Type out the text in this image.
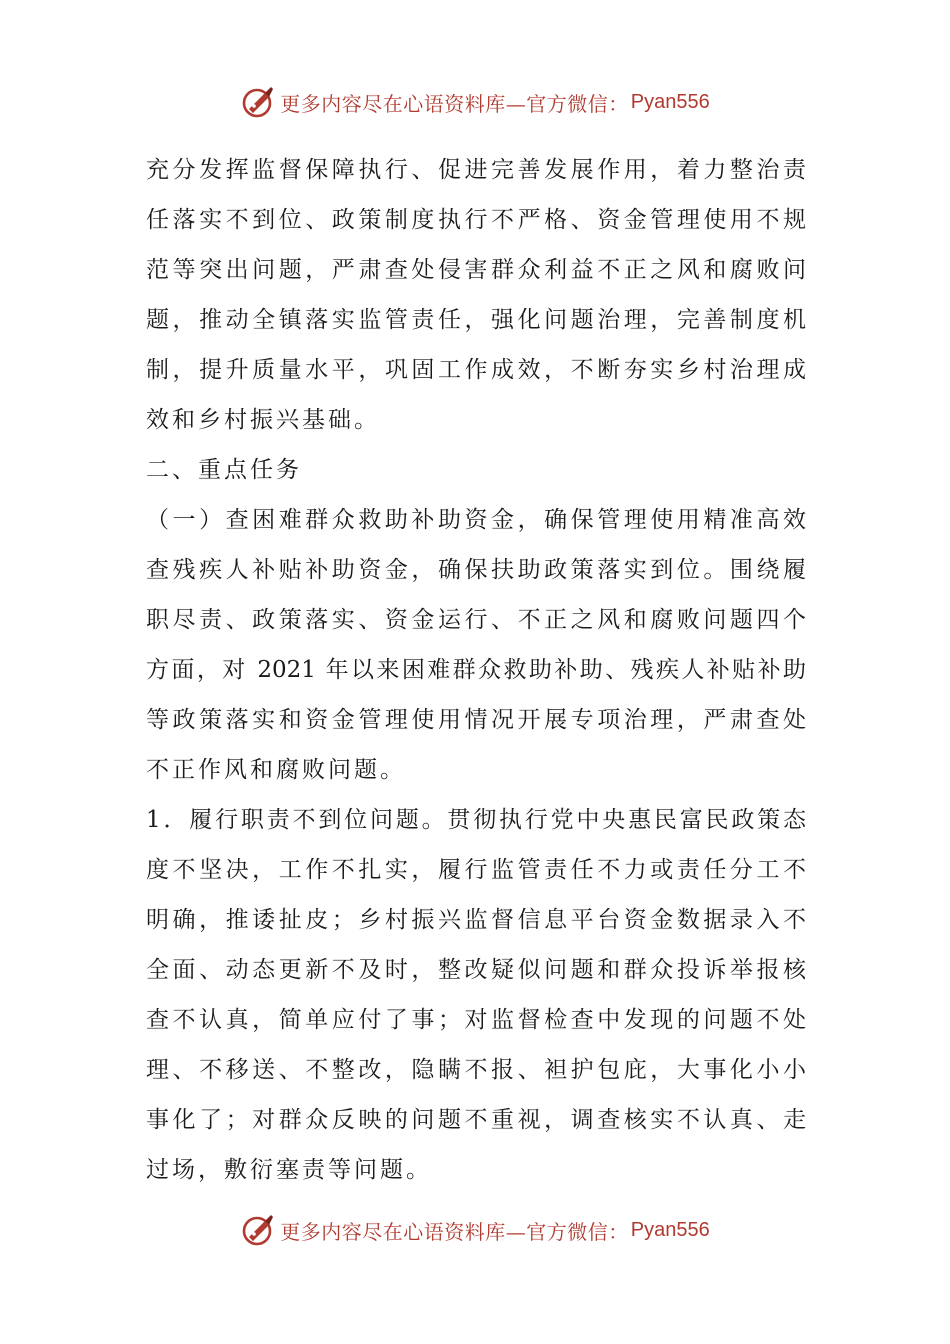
更多内容尽在心语资料库—官方微信： Pyan556
充分发挥监督保障执行、促进完善发展作用，着力整治责
任落实不到位、政策制度执行不严格、资金管理使用不规
范等突出问题，严肃查处侵害群众利益不正之风和腐败问
题，推动全镇落实监管责任，强化问题治理，完善制度机
制，提升质量水平，巩固工作成效，不断夯实乡村治理成
效和乡村振兴基础。
二、重点任务
（一）查困难群众救助补助资金，确保管理使用精准高效
查残疾人补贴补助资金，确保扶助政策落实到位。围绕履
职尽责、政策落实、资金运行、不正之风和腐败问题四个
方面，对 2021 年以来困难群众救助补助、残疾人补贴补助
等政策落实和资金管理使用情况开展专项治理，严肃查处
不正作风和腐败问题。
1．履行职责不到位问题。贯彻执行党中央惠民富民政策态
度不坚决，工作不扎实，履行监管责任不力或责任分工不
明确，推诿扯皮；乡村振兴监督信息平台资金数据录入不
全面、动态更新不及时，整改疑似问题和群众投诉举报核
查不认真，简单应付了事；对监督检查中发现的问题不处
理、不移送、不整改，隐瞒不报、袒护包庇，大事化小小
事化了；对群众反映的问题不重视，调查核实不认真、走
过场，敷衍塞责等问题。
更多内容尽在心语资料库—官方微信： Pyan556
